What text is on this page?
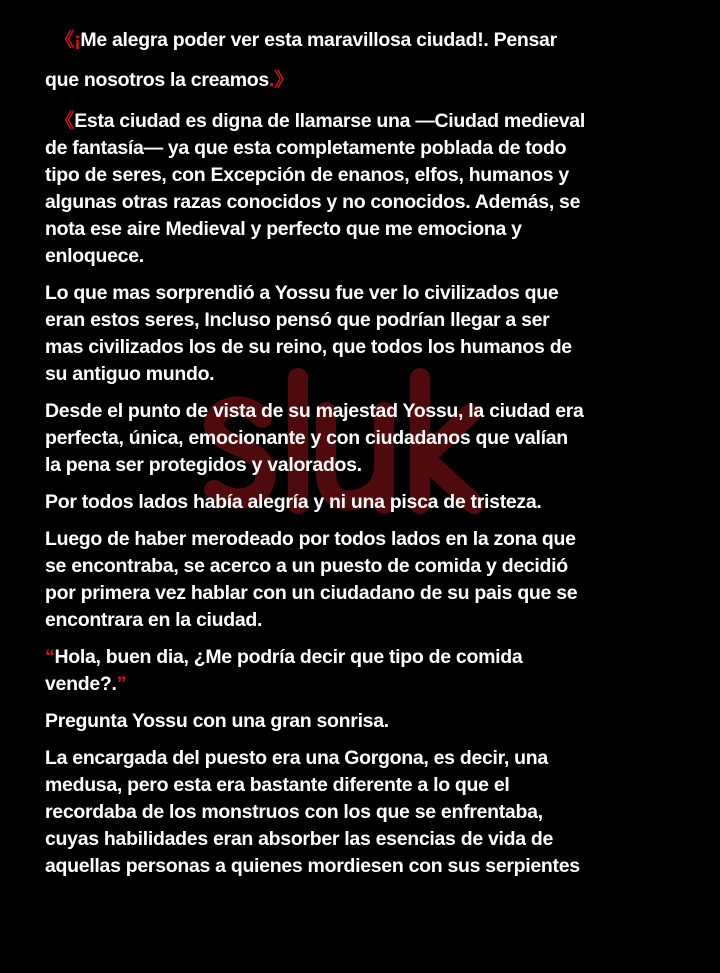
《¡Me alegra poder ver esta maravillosa ciudad!. Pensar
que nosotros la creamos.》

《Esta ciudad es digna de llamarse una —Ciudad medieval
de fantasía— ya que esta completamente poblada de todo
tipo de seres, con Excepción de enanos, elfos, humanos y
algunas otras razas conocidos y no conocidos. Además, se
nota ese aire Medieval y perfecto que me emociona y
enloquece.

Lo que mas sorprendió a Yossu fue ver lo civilizados que
eran estos seres, Incluso pensó que podrían llegar a ser
mas civilizados los de su reino, que todos los humanos de
su antiguo mundo.

Desde el punto de vista de su majestad Yossu, la ciudad era
perfecta, única, emocionante y con ciudadanos que valían
la pena ser protegidos y valorados.

Por todos lados había alegría y ni una pisca de tristeza.

Luego de haber merodeado por todos lados en la zona que
se encontraba, se acerco a un puesto de comida y decidió
por primera vez hablar con un ciudadano de su pais que se
encontrara en la ciudad.

“Hola, buen dia, ¿Me podría decir que tipo de comida
vende?.”

Pregunta Yossu con una gran sonrisa.

La encargada del puesto era una Gorgona, es decir, una
medusa, pero esta era bastante diferente a lo que el
recordaba de los monstruos con los que se enfrentaba,
cuyas habilidades eran absorber las esencias de vida de
aquellas personas a quienes mordiesen con sus serpientes
